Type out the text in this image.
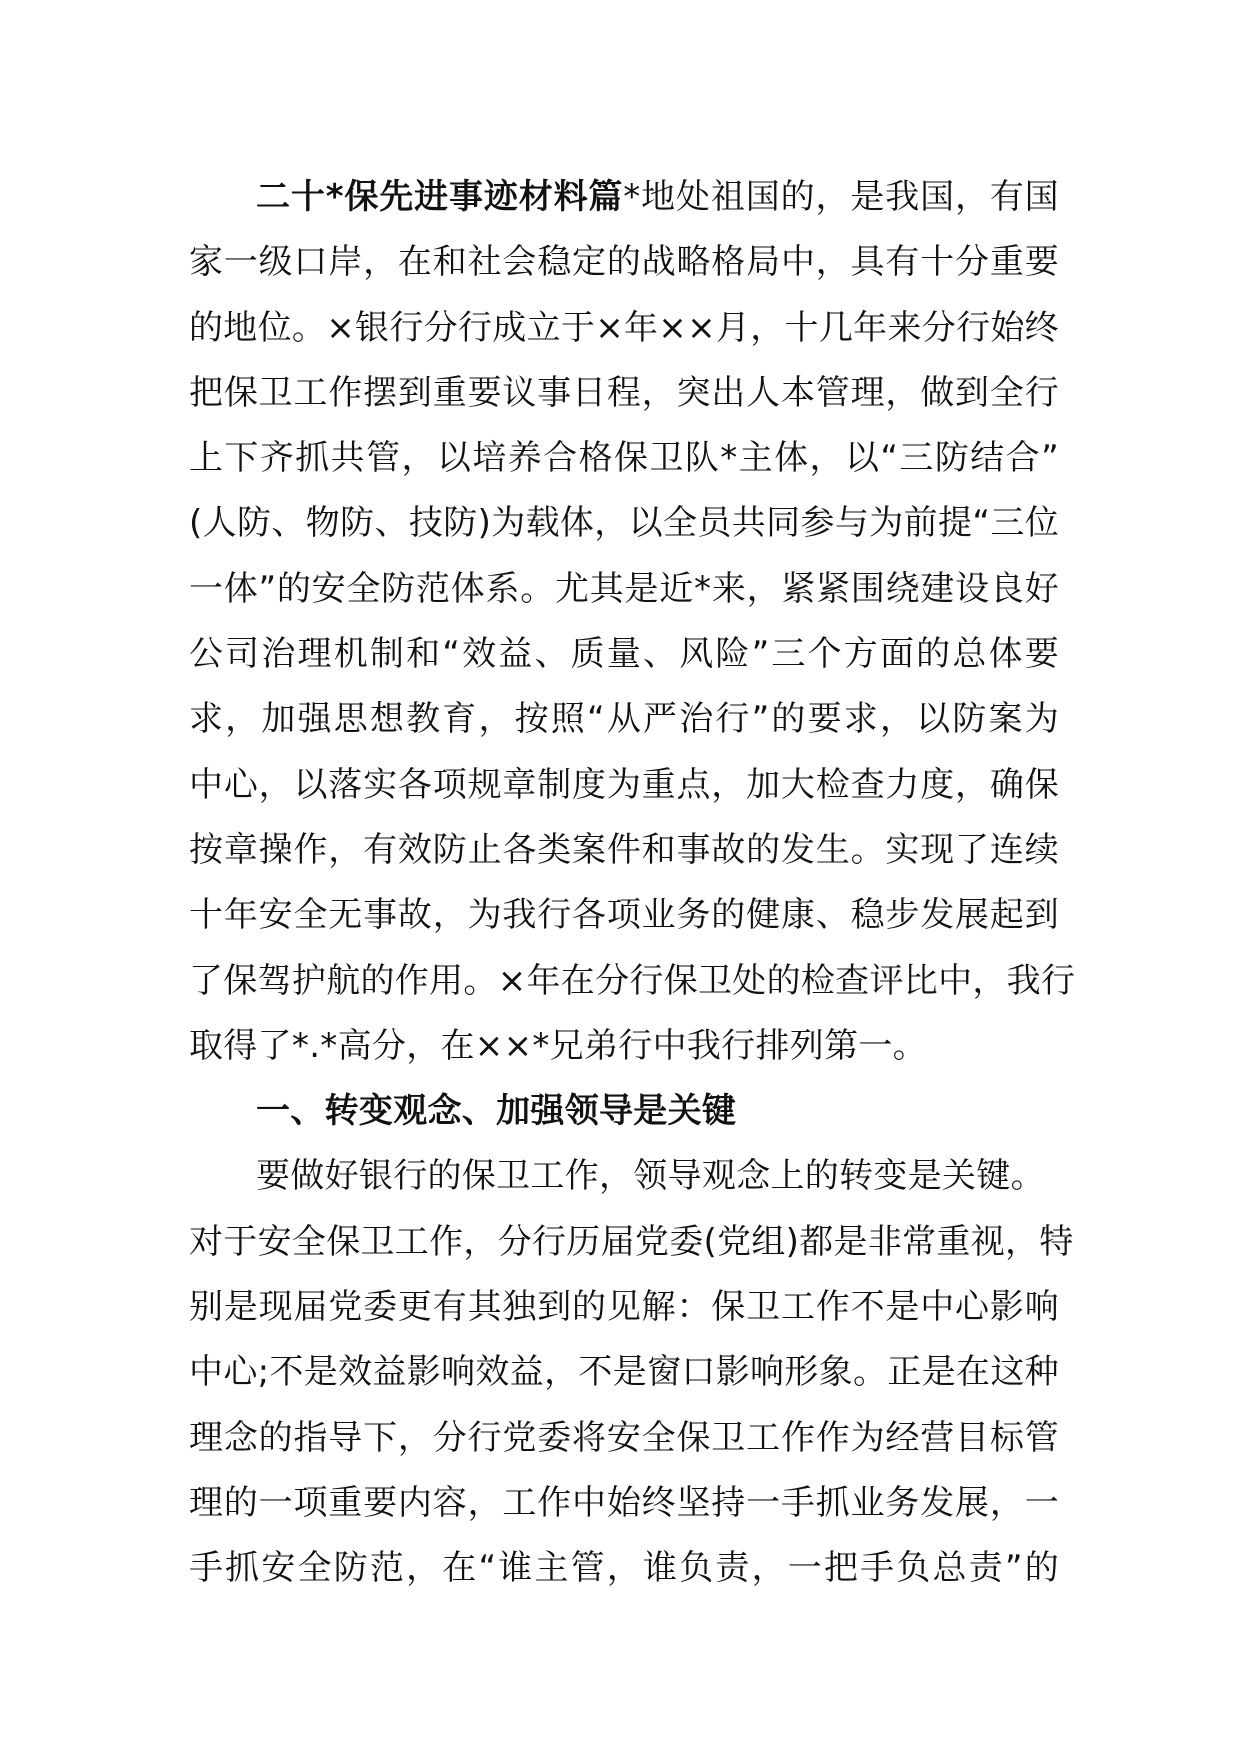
二十*保先进事迹材料篇*地处祖国的，是我国，有国
家一级口岸，在和社会稳定的战略格局中，具有十分重要
的地位。×银行分行成立于×年××月，十几年来分行始终
把保卫工作摆到重要议事日程，突出人本管理，做到全行
上下齐抓共管，以培养合格保卫队*主体，以“三防结合”
(人防、物防、技防)为载体，以全员共同参与为前提“三位
一体”的安全防范体系。尤其是近*来，紧紧围绕建设良好
公司治理机制和“效益、质量、风险”三个方面的总体要
求，加强思想教育，按照“从严治行”的要求，以防案为
中心，以落实各项规章制度为重点，加大检查力度，确保
按章操作，有效防止各类案件和事故的发生。实现了连续
十年安全无事故，为我行各项业务的健康、稳步发展起到
了保驾护航的作用。×年在分行保卫处的检查评比中，我行
取得了*.*高分，在××*兄弟行中我行排列第一。
一、转变观念、加强领导是关键
要做好银行的保卫工作，领导观念上的转变是关键。
对于安全保卫工作，分行历届党委(党组)都是非常重视，特
别是现届党委更有其独到的见解：保卫工作不是中心影响
中心;不是效益影响效益，不是窗口影响形象。正是在这种
理念的指导下，分行党委将安全保卫工作作为经营目标管
理的一项重要内容，工作中始终坚持一手抓业务发展，一
手抓安全防范，在“谁主管，谁负责，一把手负总责”的
